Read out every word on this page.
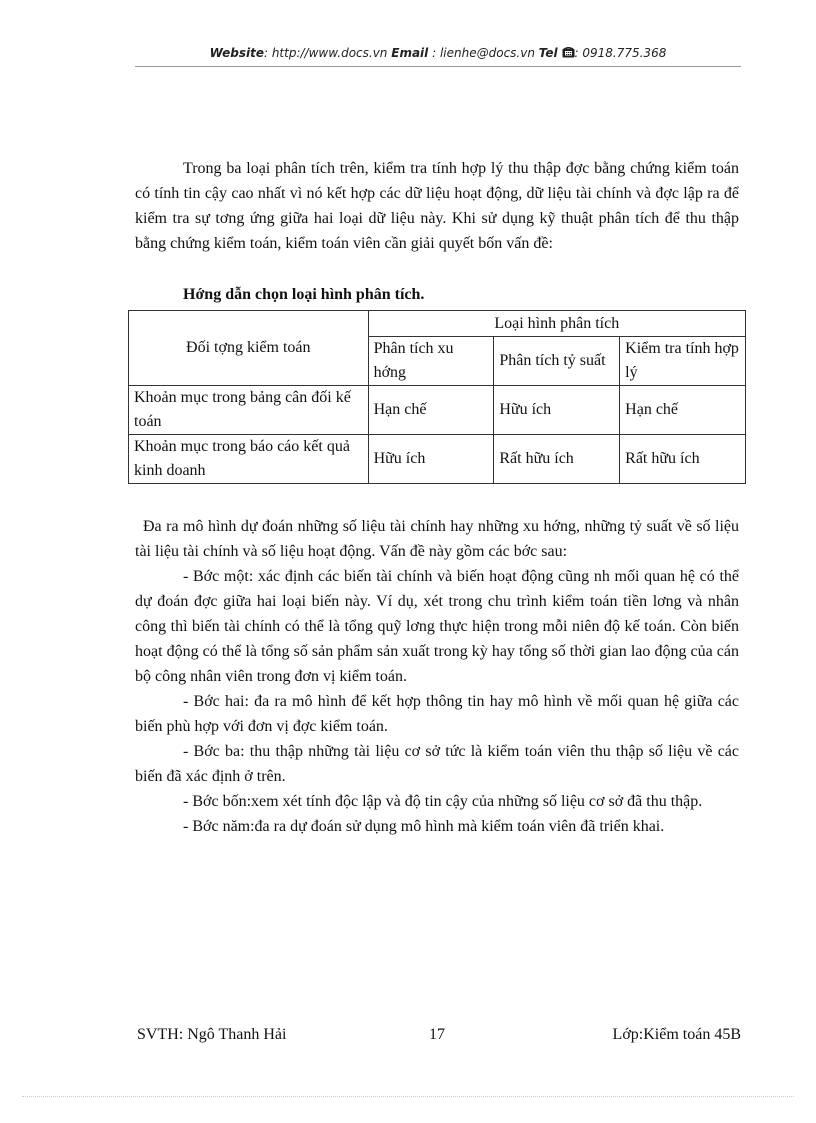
Website: http://www.docs.vn Email : lienhe@docs.vn Tel : 0918.775.368

Trong ba loại phân tích trên, kiểm tra tính hợp lý thu thập đợc bằng chứng kiểm toán có tính tin cậy cao nhất vì nó kết hợp các dữ liệu hoạt động, dữ liệu tài chính và đợc lập ra để kiểm tra sự tơng ứng giữa hai loại dữ liệu này. Khi sử dụng kỹ thuật phân tích để thu thập bằng chứng kiểm toán, kiểm toán viên cần giải quyết bốn vấn đề:

Hớng dẫn chọn loại hình phân tích.
Đối tợng kiểm toán	Loại hình phân tích		
	Phân tích xu hớng	Phân tích tỷ suất	Kiểm tra tính hợp lý
Khoản mục trong bảng cân đối kế toán	Hạn chế	Hữu ích	Hạn chế
Khoản mục trong báo cáo kết quả kinh doanh	Hữu ích	Rất hữu ích	Rất hữu ích

Đa ra mô hình dự đoán những số liệu tài chính hay những xu hớng, những tỷ suất về số liệu tài liệu tài chính và số liệu hoạt động. Vấn đề này gồm các bớc sau:

- Bớc một: xác định các biến tài chính và biến hoạt động cũng nh mối quan hệ có thể dự đoán đợc giữa hai loại biến này. Ví dụ, xét trong chu trình kiểm toán tiền lơng và nhân công thì biến tài chính có thể là tổng quỹ lơng thực hiện trong mỗi niên độ kế toán. Còn biến hoạt động có thể là tổng số sản phẩm sản xuất trong kỳ hay tổng số thời gian lao động của cán bộ công nhân viên trong đơn vị kiểm toán.

- Bớc hai: đa ra mô hình để kết hợp thông tin hay mô hình về mối quan hệ giữa các biến phù hợp với đơn vị đợc kiểm toán.

- Bớc ba: thu thập những tài liệu cơ sở tức là kiểm toán viên thu thập số liệu về các biến đã xác định ở trên.

- Bớc bốn:xem xét tính độc lập và độ tin cậy của những số liệu cơ sở đã thu thập.

- Bớc năm:đa ra dự đoán sử dụng mô hình mà kiểm toán viên đã triển khai.

SVTH: Ngô Thanh Hải	17	Lớp:Kiểm toán 45B
